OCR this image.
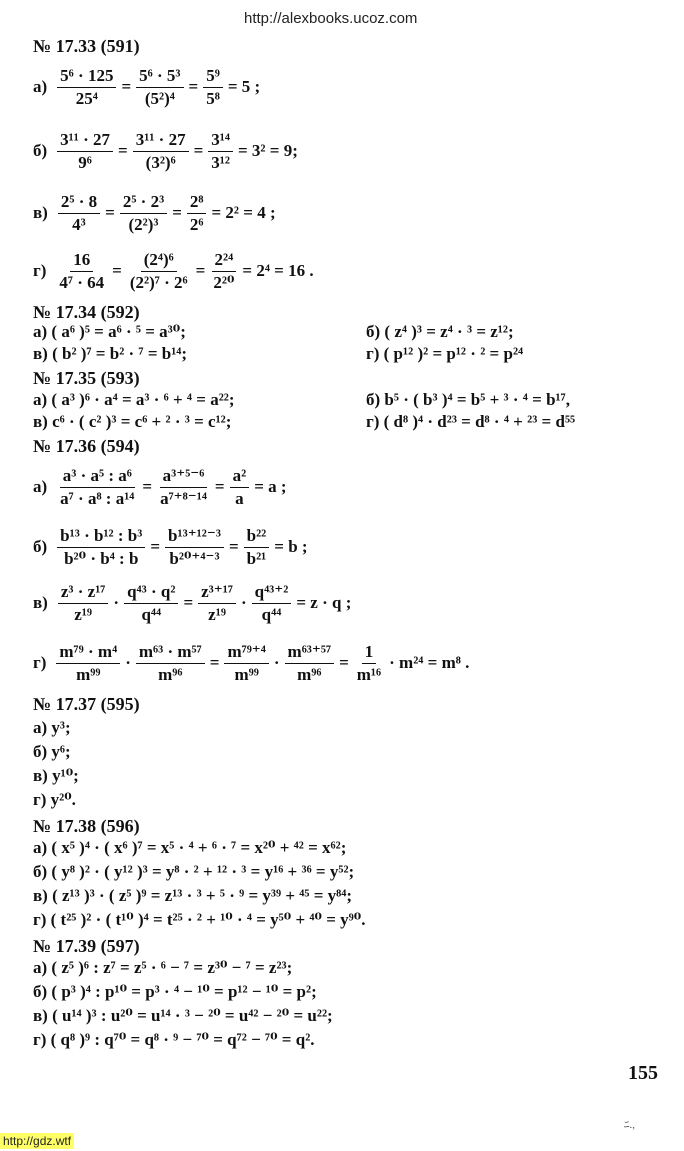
http://alexbooks.ucoz.com
№ 17.33 (591)
$а) \frac{\text{5⁶ · 125}}{\text{25⁴}} = \frac{\text{5⁶ · 5³}}{\text{(5²)⁴}} = \frac{\text{5⁹}}{\text{5⁸}} = 5$ ;
$б) \frac{\text{3¹¹ · 27}}{\text{9⁶}} = \frac{\text{3¹¹ · 27}}{\text{(3²)⁶}} = \frac{\text{3¹⁴}}{\text{3¹²}} = 3^2 = 9$;
$в) \frac{\text{2⁵ · 8}}{\text{4³}} = \frac{\text{2⁵ · 2³}}{\text{(2²)³}} = \frac{\text{2⁸}}{\text{2⁶}} = 2^2 = 4$ ;
$г) \frac{16}{\text{4⁷ · 64}} = \frac{\text{(2⁴)⁶}}{\text{(2²)⁷ · 2⁶}} = \frac{\text{2²⁴}}{\text{2²⁰}} = 2^4 = 16$ .
№ 17.34 (592)
а) ( a⁶ )⁵ = a⁶ · ⁵ = a³⁰;	б) ( z⁴ )³ = z⁴ · ³ = z¹²;
в) ( b² )⁷ = b² · ⁷ = b¹⁴;	г) ( p¹² )² = p¹² · ² = p²⁴
№ 17.35 (593)
а) ( a³ )⁶ · a⁴ = a³ · ⁶ + ⁴ = a²²;	б) b⁵ · ( b³ )⁴ = b⁵ + ³ · ⁴ = b¹⁷,
в) c⁶ · ( c² )³ = c⁶ + ² · ³ = c¹²;	г) ( d⁸ )⁴ · d²³ = d⁸ · ⁴ + ²³ = d⁵⁵
№ 17.36 (594)
$а) \frac{\text{a³ · a⁵ : a⁶}}{\text{a⁷ · a⁸ : a¹⁴}} = \frac{\text{a³⁺⁵⁻⁶}}{\text{a⁷⁺⁸⁻¹⁴}} = \frac{\text{a²}}{a} = a$ ;
$б) \frac{\text{b¹³ · b¹² : b³}}{\text{b²⁰ · b⁴ : b}} = \frac{\text{b¹³⁺¹²⁻³}}{\text{b²⁰⁺⁴⁻³}} = \frac{\text{b²²}}{\text{b²¹}} = b$ ;
$в) \frac{\text{z³ · z¹⁷}}{\text{z¹⁹}} \cdot \frac{\text{q⁴³ · q²}}{\text{q⁴⁴}} = \frac{\text{z³⁺¹⁷}}{\text{z¹⁹}} \cdot \frac{\text{q⁴³⁺²}}{\text{q⁴⁴}} = z \cdot q$ ;
$г) \frac{\text{m⁷⁹ · m⁴}}{\text{m⁹⁹}} \cdot \frac{\text{m⁶³ · m⁵⁷}}{\text{m⁹⁶}} = \frac{\text{m⁷⁹⁺⁴}}{\text{m⁹⁹}} \cdot \frac{\text{m⁶³⁺⁵⁷}}{\text{m⁹⁶}} = \frac{1}{\text{m¹⁶}} \cdot m^{24} = m^8$ .
№ 17.37 (595)
а) y³;
б) y⁶;
в) y¹⁰;
г) y²⁰.
№ 17.38 (596)
а) ( x⁵ )⁴ · ( x⁶ )⁷ = x⁵ · ⁴ + ⁶ · ⁷ = x²⁰ + ⁴² = x⁶²;
б) ( y⁸ )² · ( y¹² )³ = y⁸ · ² + ¹² · ³ = y¹⁶ + ³⁶ = y⁵²;
в) ( z¹³ )³ · ( z⁵ )⁹ = z¹³ · ³ + ⁵ · ⁹ = y³⁹ + ⁴⁵ = y⁸⁴;
г) ( t²⁵ )² · ( t¹⁰ )⁴ = t²⁵ · ² + ¹⁰ · ⁴ = y⁵⁰ + ⁴⁰ = y⁹⁰.
№ 17.39 (597)
а) ( z⁵ )⁶ : z⁷ = z⁵ · ⁶ − ⁷ = z³⁰ − ⁷ = z²³;
б) ( p³ )⁴ : p¹⁰ = p³ · ⁴ − ¹⁰ = p¹² − ¹⁰ = p²;
в) ( u¹⁴ )³ : u²⁰ = u¹⁴ · ³ − ²⁰ = u⁴² − ²⁰ = u²²;
г) ( q⁸ )⁹ : q⁷⁰ = q⁸ · ⁹ − ⁷⁰ = q⁷² − ⁷⁰ = q².
155
ﾆ.,
http://gdz.wtf
